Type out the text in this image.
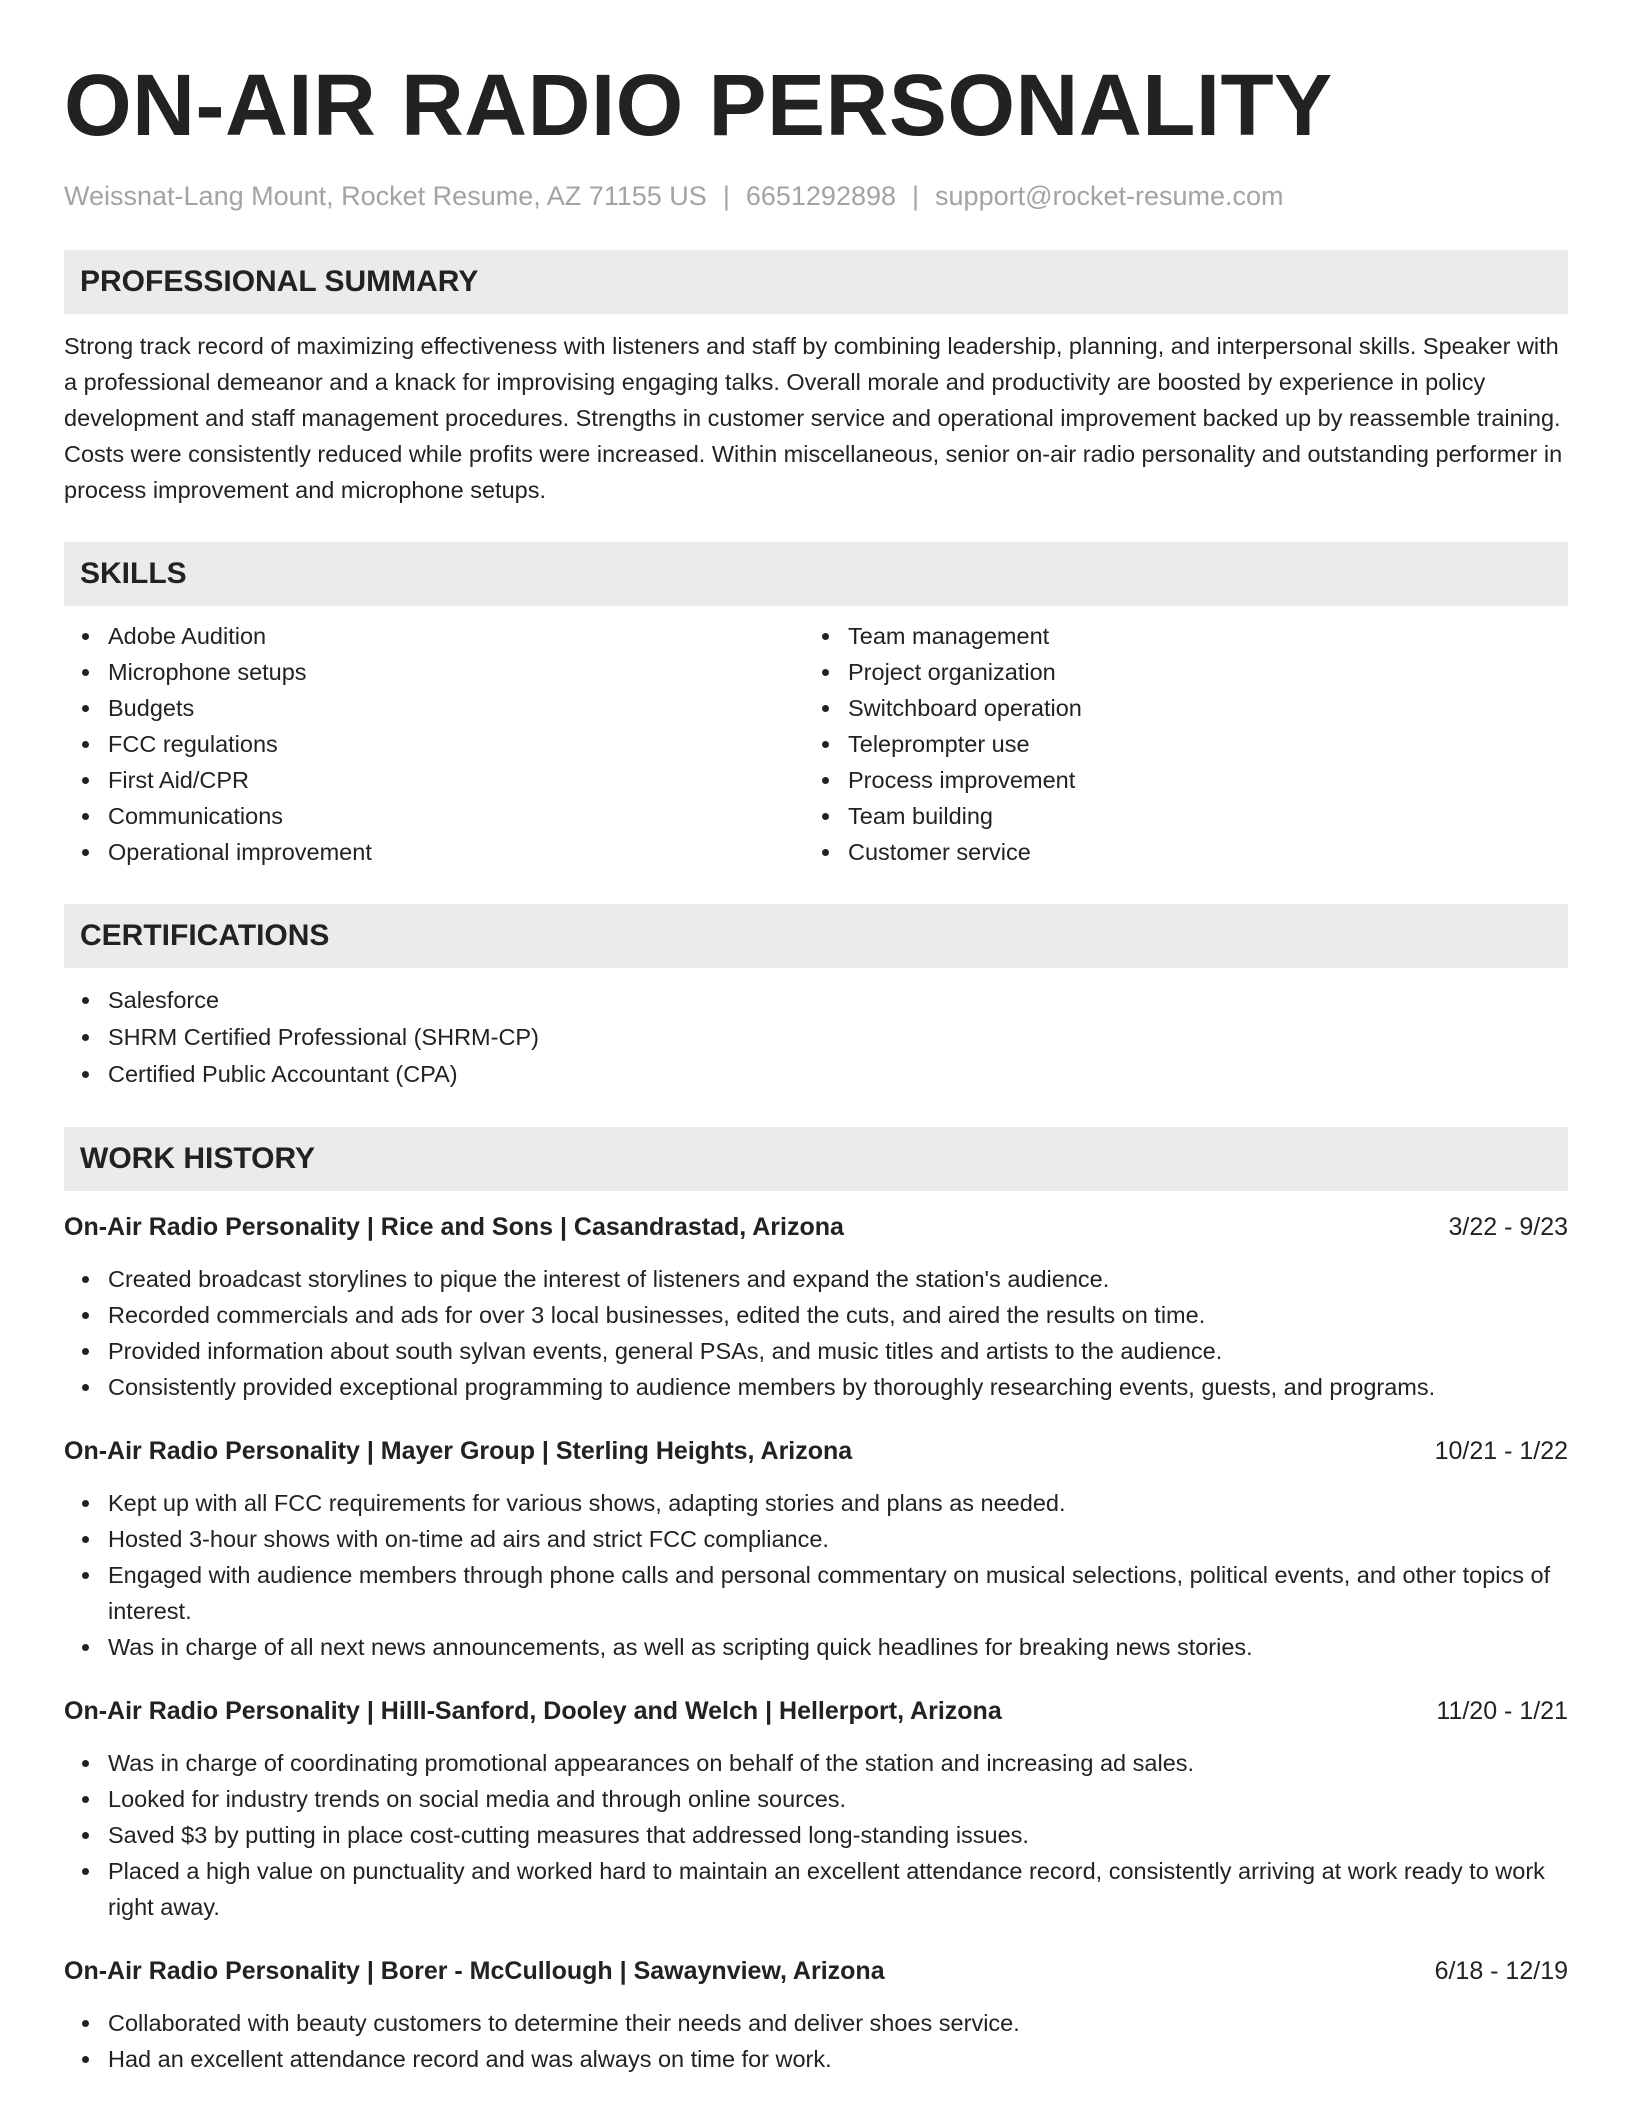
ON-AIR RADIO PERSONALITY
Weissnat-Lang Mount, Rocket Resume, AZ 71155 US | 6651292898 | support@rocket-resume.com
PROFESSIONAL SUMMARY

Strong track record of maximizing effectiveness with listeners and staff by combining leadership, planning, and interpersonal skills. Speaker with a professional demeanor and a knack for improvising engaging talks. Overall morale and productivity are boosted by experience in policy development and staff management procedures. Strengths in customer service and operational improvement backed up by reassemble training. Costs were consistently reduced while profits were increased. Within miscellaneous, senior on-air radio personality and outstanding performer in process improvement and microphone setups.

SKILLS
Adobe Audition
Microphone setups
Budgets
FCC regulations
First Aid/CPR
Communications
Operational improvement
Team management
Project organization
Switchboard operation
Teleprompter use
Process improvement
Team building
Customer service
CERTIFICATIONS
Salesforce
SHRM Certified Professional (SHRM-CP)
Certified Public Accountant (CPA)
WORK HISTORY
On-Air Radio Personality | Rice and Sons | Casandrastad, Arizona	3/22 - 9/23
Created broadcast storylines to pique the interest of listeners and expand the station's audience.
Recorded commercials and ads for over 3 local businesses, edited the cuts, and aired the results on time.
Provided information about south sylvan events, general PSAs, and music titles and artists to the audience.
Consistently provided exceptional programming to audience members by thoroughly researching events, guests, and programs.
On-Air Radio Personality | Mayer Group | Sterling Heights, Arizona	10/21 - 1/22
Kept up with all FCC requirements for various shows, adapting stories and plans as needed.
Hosted 3-hour shows with on-time ad airs and strict FCC compliance.
Engaged with audience members through phone calls and personal commentary on musical selections, political events, and other topics of interest.
Was in charge of all next news announcements, as well as scripting quick headlines for breaking news stories.
On-Air Radio Personality | Hilll-Sanford, Dooley and Welch | Hellerport, Arizona	11/20 - 1/21
Was in charge of coordinating promotional appearances on behalf of the station and increasing ad sales.
Looked for industry trends on social media and through online sources.
Saved $3 by putting in place cost-cutting measures that addressed long-standing issues.
Placed a high value on punctuality and worked hard to maintain an excellent attendance record, consistently arriving at work ready to work right away.
On-Air Radio Personality | Borer - McCullough | Sawaynview, Arizona	6/18 - 12/19
Collaborated with beauty customers to determine their needs and deliver shoes service.
Had an excellent attendance record and was always on time for work.
